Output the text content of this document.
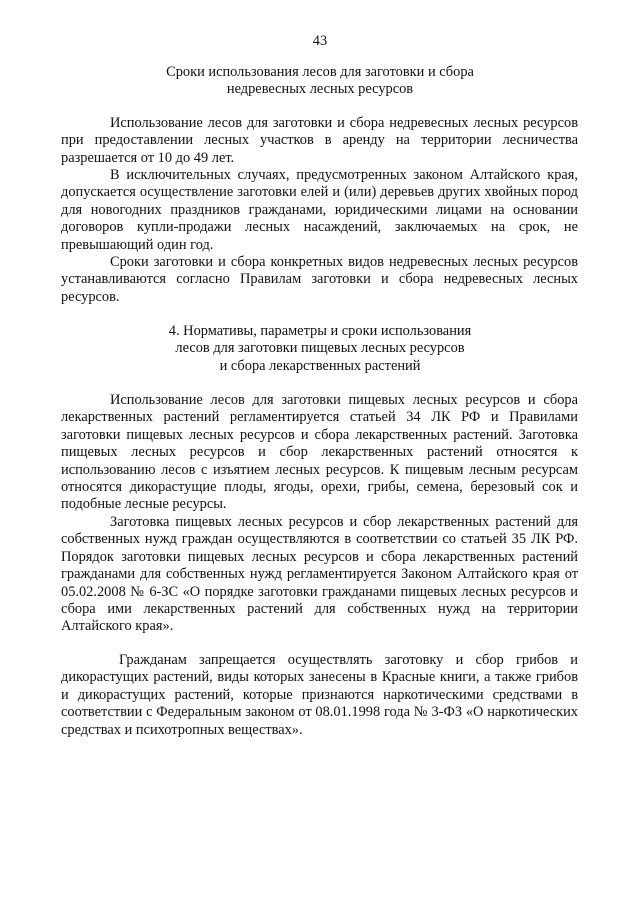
43
Сроки использования лесов для заготовки и сбора
недревесных лесных ресурсов

Использование лесов для заготовки и сбора недревесных лесных ресурсов при предоставлении лесных участков в аренду на территории лесничества разрешается от 10 до 49 лет.

В исключительных случаях, предусмотренных законом Алтайского края, допускается осуществление заготовки елей и (или) деревьев других хвойных пород для новогодних праздников гражданами, юридическими лицами на основании договоров купли-продажи лесных насаждений, заключаемых на срок, не превышающий один год.

Сроки заготовки и сбора конкретных видов недревесных лесных ресурсов устанавливаются согласно Правилам заготовки и сбора недревесных лесных ресурсов.

4. Нормативы, параметры и сроки использования
лесов для заготовки пищевых лесных ресурсов
и сбора лекарственных растений

Использование лесов для заготовки пищевых лесных ресурсов и сбора лекарственных растений регламентируется статьей 34 ЛК РФ и Правилами заготовки пищевых лесных ресурсов и сбора лекарственных растений. Заготовка пищевых лесных ресурсов и сбор лекарственных растений относятся к использованию лесов с изъятием лесных ресурсов. К пищевым лесным ресурсам относятся дикорастущие плоды, ягоды, орехи, грибы, семена, березовый сок и подобные лесные ресурсы.

Заготовка пищевых лесных ресурсов и сбор лекарственных растений для собственных нужд граждан осуществляются в соответствии со статьей 35 ЛК РФ. Порядок заготовки пищевых лесных ресурсов и сбора лекарственных растений гражданами для собственных нужд регламентируется Законом Алтайского края от 05.02.2008 № 6-ЗС «О порядке заготовки гражданами пищевых лесных ресурсов и сбора ими лекарственных растений для собственных нужд на территории Алтайского края».

Гражданам запрещается осуществлять заготовку и сбор грибов и дикорастущих растений, виды которых занесены в Красные книги, а также грибов и дикорастущих растений, которые признаются наркотическими средствами в соответствии с Федеральным законом от 08.01.1998 года № 3-ФЗ «О наркотических средствах и психотропных веществах».
